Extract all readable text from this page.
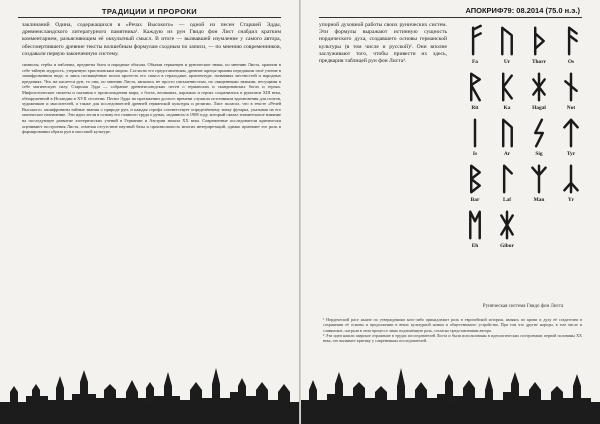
ТРАДИЦИИ И ПРОРОКИ
заклинаний Одина, содержащихся в «Речах Высокого» — одной из песен Старшей Эдды, древнеисландского литературного памятника¹. Каждую из рун Гвидо фон Лист снабдил кратким комментарием, разъясняющим её оккультный смысл. В итоге — вызвавшей изумление у самого автора, обессмертившего древние тексты волшебным формулам сходным по записи, — по мнению современников, создавали первую законченную систему.
символы, гербы и эмблемы, предметы быта и народные обычаи. Обычаи германцев и рунические знаки, по мнению Листа, хранили в себе тайную мудрость, утерянную христианским миром. Согласно его представлениям, древние жрецы-арманы передавали своё учение в зашифрованном виде, и лишь посвящённые могли прочесть его смысл в геральдике, архитектуре, названиях местностей и народных преданиях. Что же касается рун, то они, по мнению Листа, являлись не просто письменностью, но священными знаками, несущими в себе магическую силу. Старшая Эдда — собрание древнеисландских песен о германских и скандинавских богах и героях. Мифологические сюжеты и сказания о происхождении мира, о богах, великанах, карликах и героях сохранились в рукописи XIII века, обнаруженной в Исландии в XVII столетии. Песни Эдды на протяжении долгого времени служили источником вдохновения для поэтов, художников и мыслителей, а также для исследователей древней германской культуры и религии. Лист полагал, что в тексте «Речей Высокого» зашифрованы тайные знания о природе рун, и каждая строфа соответствует определённому знаку футарка, указывая на его магическое назначение. Эти идеи легли в основу его главного труда о рунах, изданного в 1908 году, который оказал значительное влияние на последующее развитие эзотерических учений в Германии и Австрии начала XX века. Современные исследователи критически оценивают построения Листа, отмечая отсутствие научной базы и произвольность многих интерпретаций, однако признают его роль в формировании образа рун в массовой культуре.
136
АПОКРИФ79: 08.2014 (75.0 н.э.)
упорной духовной работы своих рунических систем. Эти формулы выражают истинную сущность нордического духа, создавшего основы германской культуры (в том числе и русской)². Они вполне заслуживают того, чтобы привести их здесь, предварив таблицей рун фон Листа³.	Fa	Ur	Thorr	Os
Rit	Ka	Hagal	Not
Is	Ar	Sig	Tyr
Bar	Laf	Man	Yr
Eh	Gibor
Руническая система Гвидо фон Листа
¹ Нордической расе нынче по утверждениям кого-либо принадлежит роль в европейской истории, являясь по крови и духу её создателем в сохранении её основы и продолжении в веках культурной жизни и общественного устройства. При том что другие народы, в том числе и славянские, сыграли в этом процессе лишь подчинённую роль, согласно представлениям автора.
² Эти идеи нашли широкое отражение в трудах последователей Листа и были использованы в идеологических построениях первой половины XX века, что вызывает критику у современных исследователей.
137
